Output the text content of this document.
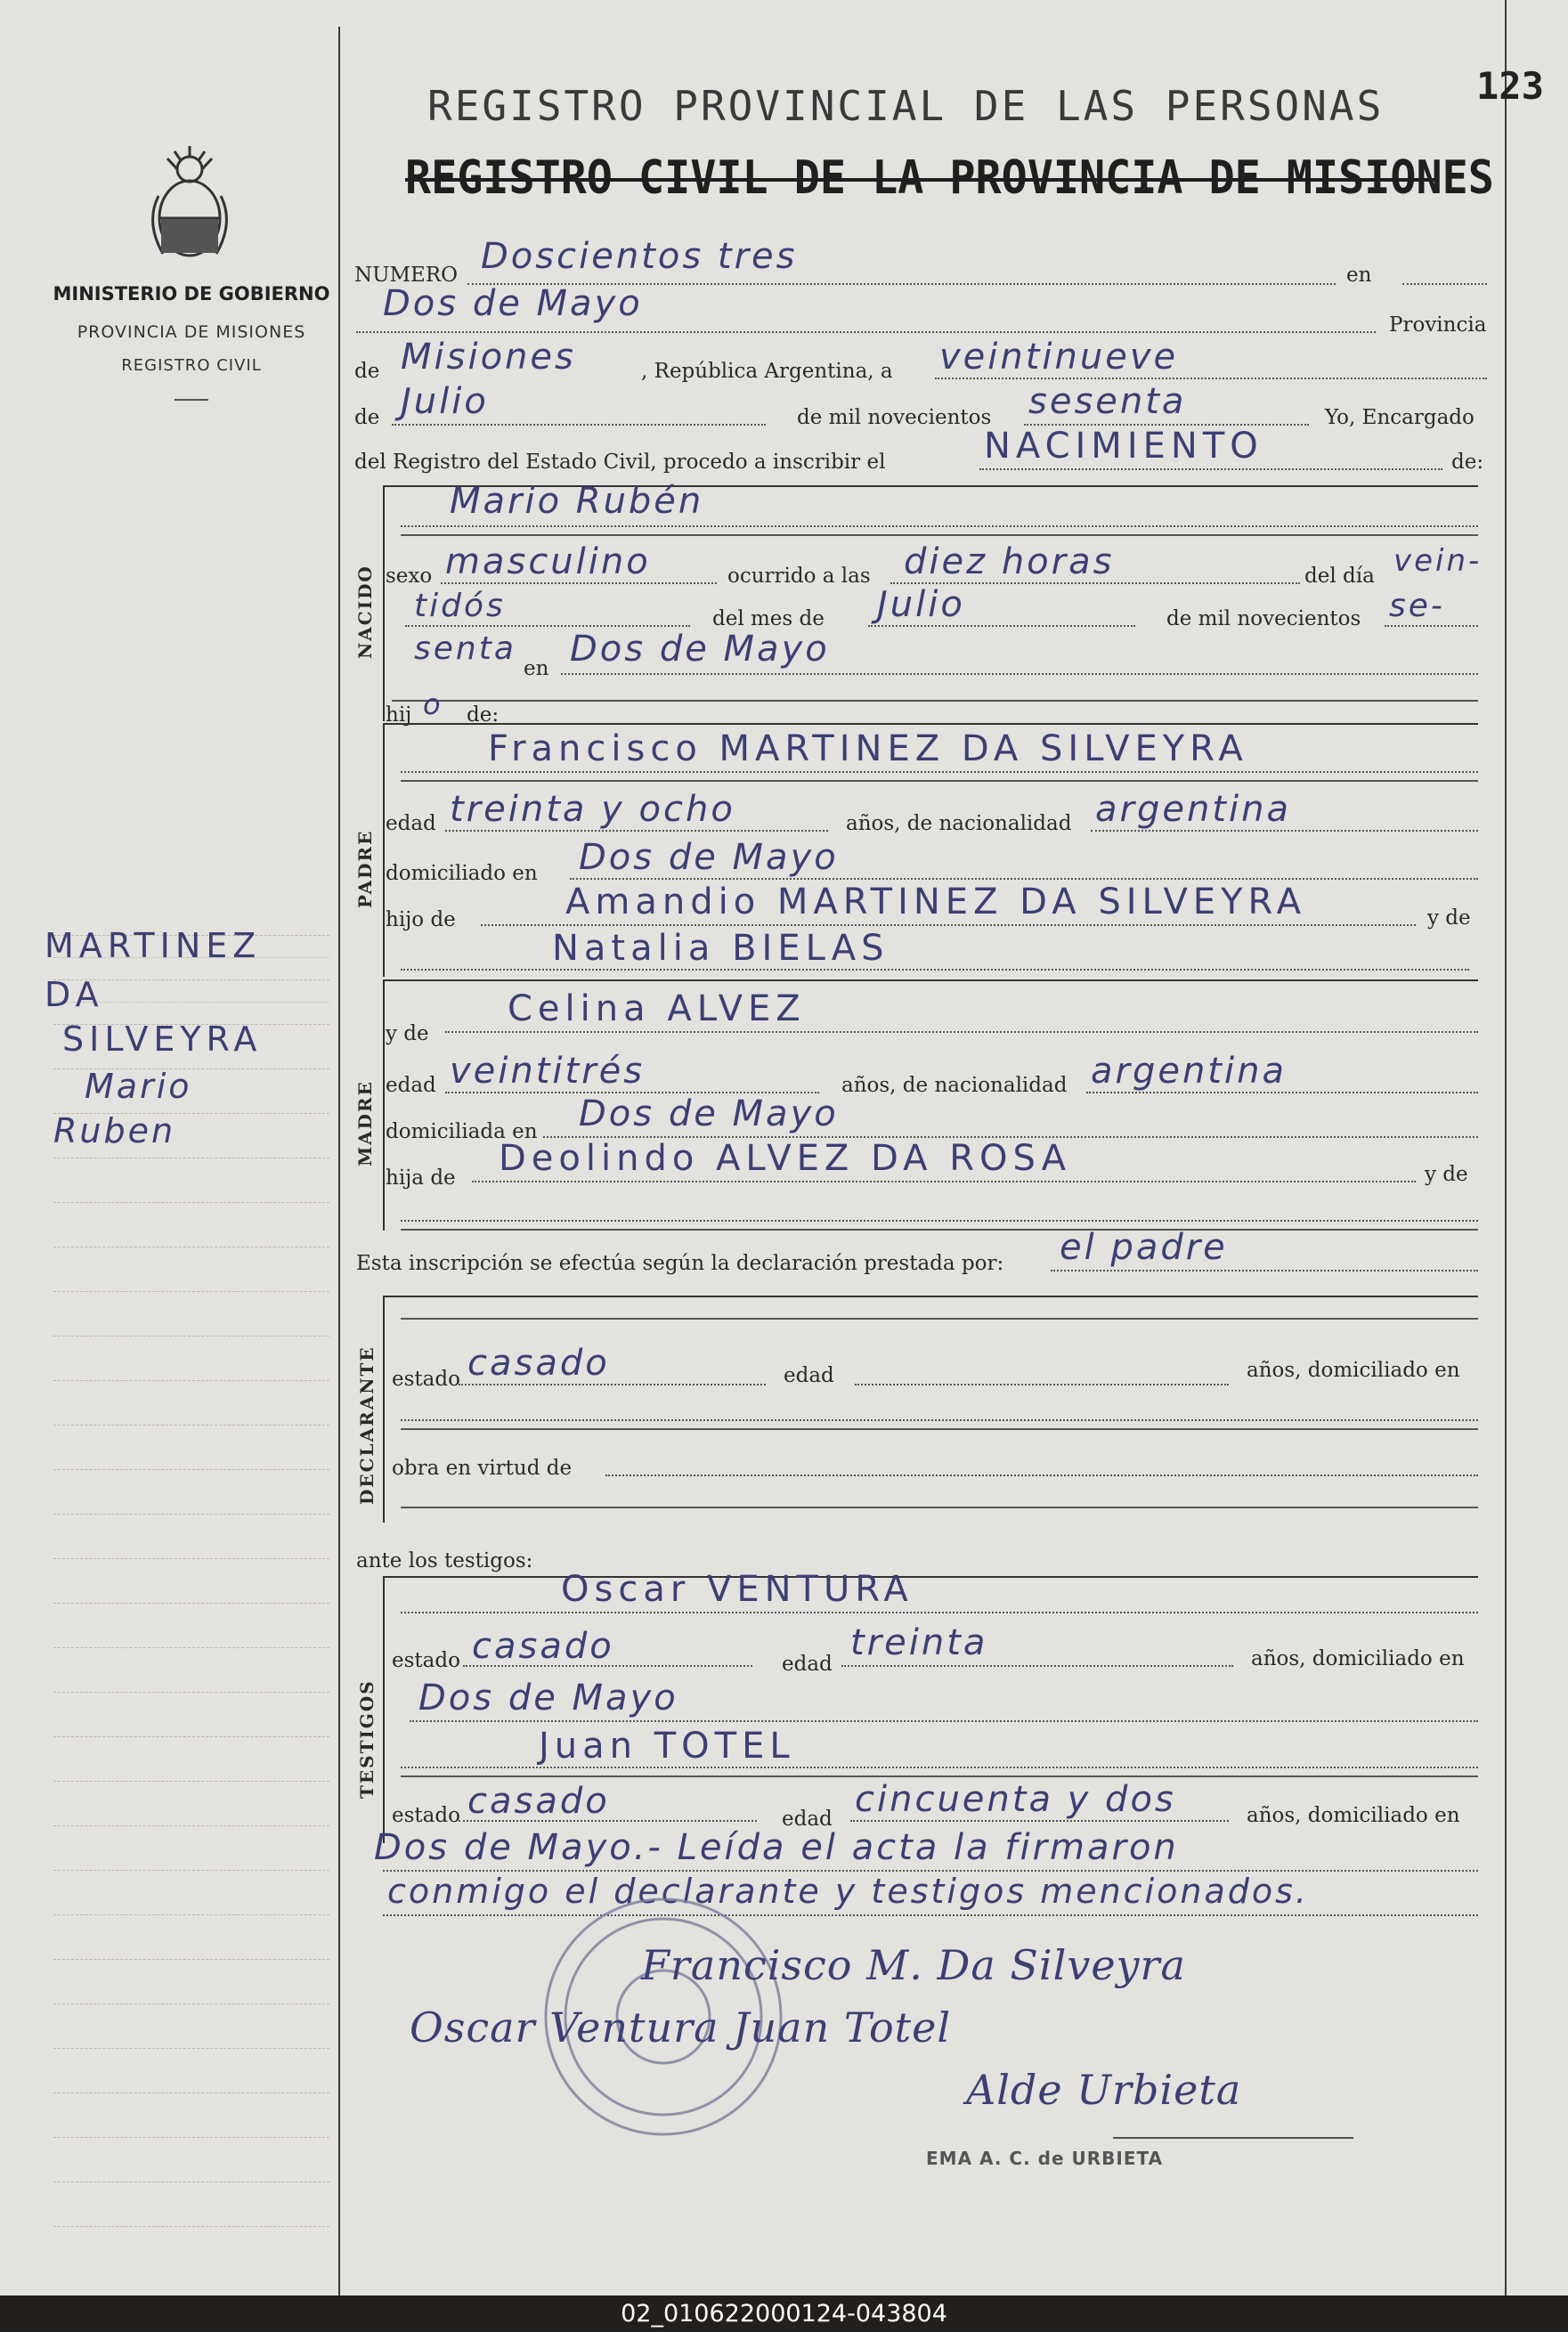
MINISTERIO DE GOBIERNO
PROVINCIA DE MISIONES
REGISTRO CIVIL
MARTINEZ
DA
SILVEYRA
Mario
Ruben
REGISTRO PROVINCIAL DE LAS PERSONAS
REGISTRO CIVIL DE LA PROVINCIA DE MISIONES
123
NUMERO Doscientos tres	en
Dos de Mayo
Provincia
de Misiones	, República Argentina, a veintinueve
de Julio	de mil novecientos sesenta	Yo, Encargado
del Registro del Estado Civil, procedo a inscribir el	NACIMIENTO	de:
NACIDO
Mario Rubén
sexo masculino	ocurrido a las diez horas	del día vein-
tidós	del mes de Julio	de mil novecientos se-
senta
en Dos de Mayo
hij o de:
PADRE
Francisco MARTINEZ DA SILVEYRA
edad treinta y ocho	años, de nacionalidad argentina
domiciliado en Dos de Mayo
hijo de	Amandio MARTINEZ DA SILVEYRA	y de
Natalia BIELAS
MADRE
y de
Celina ALVEZ
edad veintitrés	años, de nacionalidad argentina
domiciliada en Dos de Mayo
hija de Deolindo ALVEZ DA ROSA	y de
Esta inscripción se efectúa según la declaración prestada por: el padre
DECLARANTE estado casado	edad	años, domiciliado en
obra en virtud de
ante los testigos:
TESTIGOS
Oscar VENTURA
estado casado	edad
treinta	años, domiciliado en
Dos de Mayo
Juan TOTEL
estado casado	edad cincuenta y dos	años, domiciliado en
Dos de Mayo.- Leída el acta la firmaron
conmigo el declarante y testigos mencionados.
Francisco M. Da Silveyra
Oscar Ventura Juan Totel
Alde Urbieta
EMA A. C. de URBIETA
02_010622000124-043804
